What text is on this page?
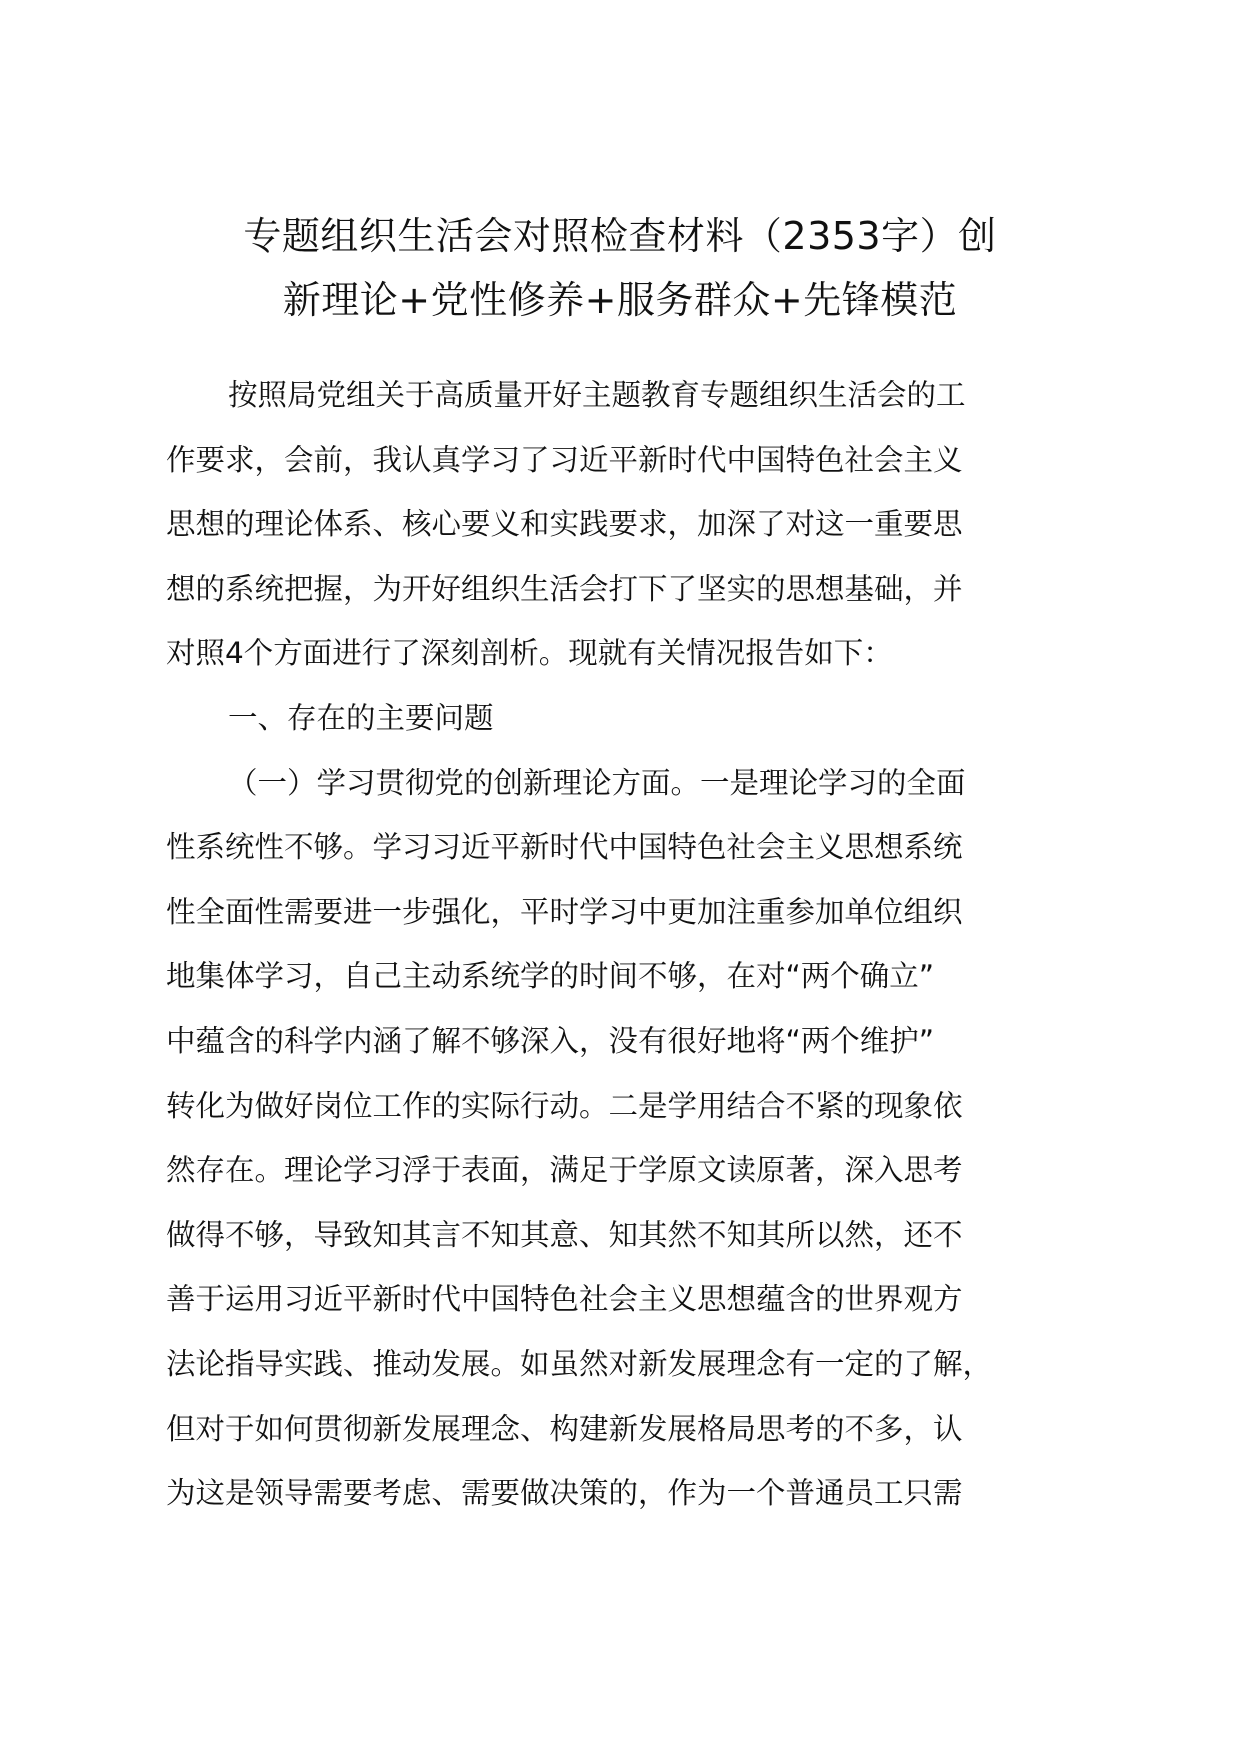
专题组织生活会对照检查材料（2353字）创
新理论+党性修养+服务群众+先锋模范
按照局党组关于高质量开好主题教育专题组织生活会的工
作要求，会前，我认真学习了习近平新时代中国特色社会主义
思想的理论体系、核心要义和实践要求，加深了对这一重要思
想的系统把握，为开好组织生活会打下了坚实的思想基础，并
对照4个方面进行了深刻剖析。现就有关情况报告如下：
一、存在的主要问题
（一）学习贯彻党的创新理论方面。一是理论学习的全面
性系统性不够。学习习近平新时代中国特色社会主义思想系统
性全面性需要进一步强化，平时学习中更加注重参加单位组织
地集体学习，自己主动系统学的时间不够，在对“两个确立”
中蕴含的科学内涵了解不够深入，没有很好地将“两个维护”
转化为做好岗位工作的实际行动。二是学用结合不紧的现象依
然存在。理论学习浮于表面，满足于学原文读原著，深入思考
做得不够，导致知其言不知其意、知其然不知其所以然，还不
善于运用习近平新时代中国特色社会主义思想蕴含的世界观方
法论指导实践、推动发展。如虽然对新发展理念有一定的了解，
但对于如何贯彻新发展理念、构建新发展格局思考的不多，认
为这是领导需要考虑、需要做决策的，作为一个普通员工只需
